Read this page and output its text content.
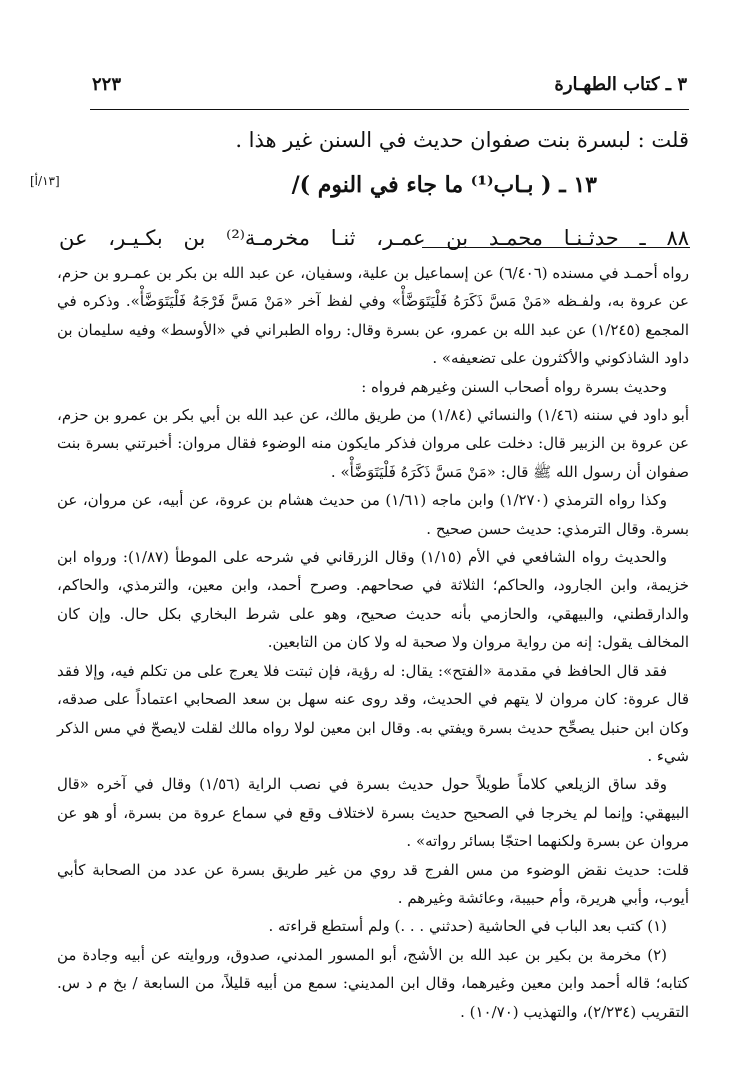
٣ ـ كتاب الطهـارة
٢٢٣
قلت : لبسرة بنت صفوان حديث في السنن غير هذا .
١٣ ـ ( بـاب⁽¹⁾ ما جاء في النوم )/
[١٣/أ]
٨٨ ـ حدثـنـا محمـد بن عمـر، ثنـا مخرمـة⁽²⁾ بن بكـيـر، عن

رواه أحمـد في مسنده (٦/٤٠٦) عن إسماعيل بن علية، وسفيان، عن عبد الله بن بكر بن عمـرو بن حزم، عن عروة به، ولفـظه «مَنْ مَسَّ ذَكَرَهُ فَلْيَتَوَضَّأْ» وفي لفظ آخر «مَنْ مَسَّ فَرْجَهُ فَلْيَتَوَضَّأْ». وذكره في المجمع (١/٢٤٥) عن عبد الله بن عمرو، عن بسرة وقال: رواه الطبراني في «الأوسط» وفيه سليمان بن داود الشاذكوني والأكثرون على تضعيفه» .

وحديث بسرة رواه أصحاب السنن وغيرهم فرواه :

أبو داود في سننه (١/٤٦) والنسائي (١/٨٤) من طريق مالك، عن عبد الله بن أبي بكر بن عمرو بن حزم، عن عروة بن الزبير قال: دخلت على مروان فذكر مايكون منه الوضوء فقال مروان: أخبرتني بسرة بنت صفوان أن رسول الله ﷺ قال: «مَنْ مَسَّ ذَكَرَهُ فَلْيَتَوَضَّأْ» .

وكذا رواه الترمذي (١/٢٧٠) وابن ماجه (١/٦١) من حديث هشام بن عروة، عن أبيه، عن مروان، عن بسرة. وقال الترمذي: حديث حسن صحيح .

والحديث رواه الشافعي في الأم (١/١٥) وقال الزرقاني في شرحه على الموطأ (١/٨٧): ورواه ابن خزيمة، وابن الجارود، والحاكم؛ الثلاثة في صحاحهم. وصرح أحمد، وابن معين، والترمذي، والحاكم، والدارقطني، والبيهقي، والحازمي بأنه حديث صحيح، وهو على شرط البخاري بكل حال. وإن كان المخالف يقول: إنه من رواية مروان ولا صحبة له ولا كان من التابعين.

فقد قال الحافظ في مقدمة «الفتح»: يقال: له رؤية، فإن ثبتت فلا يعرج على من تكلم فيه، وإلا فقد قال عروة: كان مروان لا يتهم في الحديث، وقد روى عنه سهل بن سعد الصحابي اعتماداً على صدقه، وكان ابن حنبل يصحِّح حديث بسرة ويفتي به. وقال ابن معين لولا رواه مالك لقلت لايصحّ في مس الذكر شيء .

وقد ساق الزيلعي كلاماً طويلاً حول حديث بسرة في نصب الراية (١/٥٦) وقال في آخره «قال البيهقي: وإنما لم يخرجا في الصحيح حديث بسرة لاختلاف وقع في سماع عروة من بسرة، أو هو عن مروان عن بسرة ولكنهما احتجّا بسائر رواته» .

قلت: حديث نقض الوضوء من مس الفرج قد روي من غير طريق بسرة عن عدد من الصحابة كأبي أيوب، وأبي هريرة، وأم حبيبة، وعائشة وغيرهم .

(١) كتب بعد الباب في الحاشية (حدثني . . .) ولم أستطع قراءته .

(٢) مخرمة بن بكير بن عبد الله بن الأشج، أبو المسور المدني، صدوق، وروايته عن أبيه وجادة من كتابه؛ قاله أحمد وابن معين وغيرهما، وقال ابن المديني: سمع من أبيه قليلاً، من السابعة / بخ م د س. التقريب (٢/٢٣٤)، والتهذيب (١٠/٧٠) .
